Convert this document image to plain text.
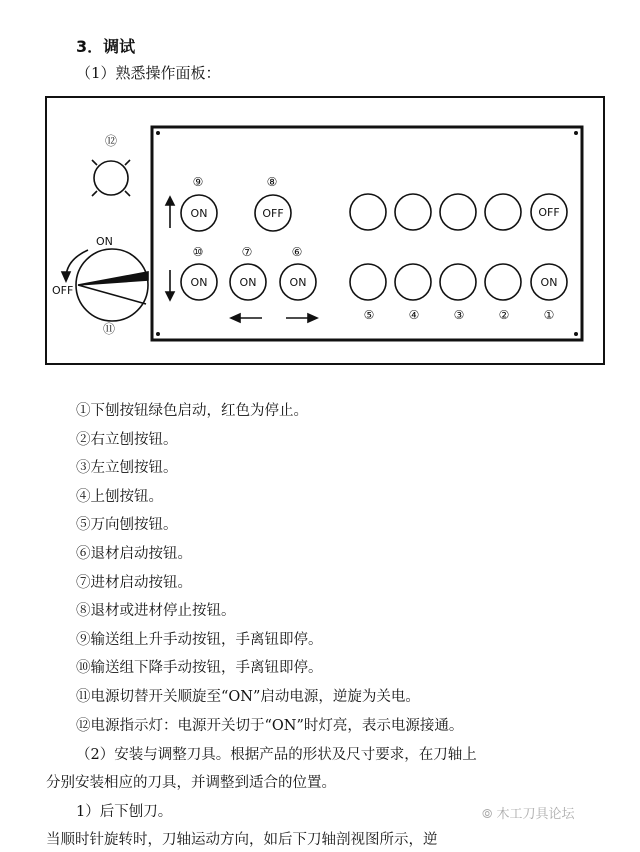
3．调试
（1）熟悉操作面板：
⑫
ON
OFF
⑪
⑨	⑧
⑩	⑦	⑥
ON	OFF
ON	ON	ON
OFF
ON
⑤	④	③	②	①
①下刨按钮绿色启动，红色为停止。
②右立刨按钮。
③左立刨按钮。
④上刨按钮。
⑤万向刨按钮。
⑥退材启动按钮。
⑦进材启动按钮。
⑧退材或进材停止按钮。
⑨输送组上升手动按钮，手离钮即停。
⑩输送组下降手动按钮，手离钮即停。
⑪电源切替开关顺旋至“ON”启动电源，逆旋为关电。
⑫电源指示灯：电源开关切于“ON”时灯亮，表示电源接通。
（2）安装与调整刀具。根据产品的形状及尺寸要求，在刀轴上
分别安装相应的刀具，并调整到适合的位置。
1）后下刨刀。	⦾ 木工刀具论坛
当顺时针旋转时，刀轴运动方向，如后下刀轴剖视图所示，逆
